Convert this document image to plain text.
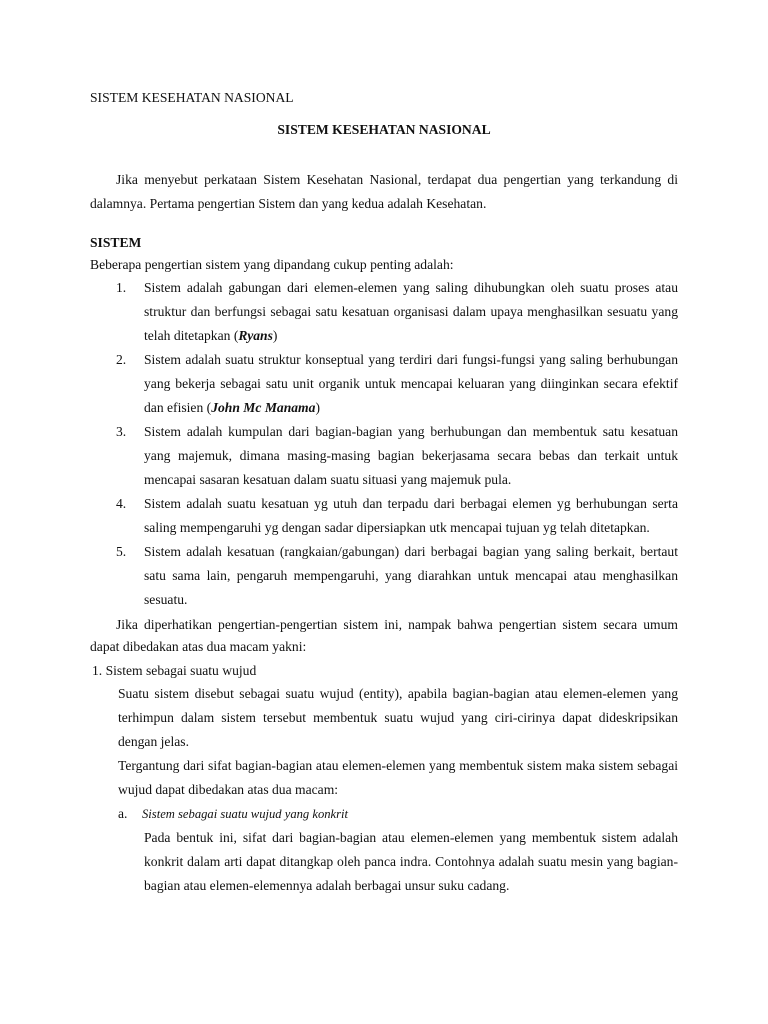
SISTEM KESEHATAN NASIONAL
SISTEM KESEHATAN NASIONAL

Jika menyebut perkataan Sistem Kesehatan Nasional, terdapat dua pengertian yang terkandung di dalamnya. Pertama pengertian Sistem dan yang kedua adalah Kesehatan.

SISTEM

Beberapa pengertian sistem yang dipandang cukup penting adalah:

1. Sistem adalah gabungan dari elemen-elemen yang saling dihubungkan oleh suatu proses atau struktur dan berfungsi sebagai satu kesatuan organisasi dalam upaya menghasilkan sesuatu yang telah ditetapkan (Ryans)
2. Sistem adalah suatu struktur konseptual yang terdiri dari fungsi-fungsi yang saling berhubungan yang bekerja sebagai satu unit organik untuk mencapai keluaran yang diinginkan secara efektif dan efisien (John Mc Manama)
3. Sistem adalah kumpulan dari bagian-bagian yang berhubungan dan membentuk satu kesatuan yang majemuk, dimana masing-masing bagian bekerjasama secara bebas dan terkait untuk mencapai sasaran kesatuan dalam suatu situasi yang majemuk pula.
4. Sistem adalah suatu kesatuan yg utuh dan terpadu dari berbagai elemen yg berhubungan serta saling mempengaruhi yg dengan sadar dipersiapkan utk mencapai tujuan yg telah ditetapkan.
5. Sistem adalah kesatuan (rangkaian/gabungan) dari berbagai bagian yang saling berkait, bertaut satu sama lain, pengaruh mempengaruhi, yang diarahkan untuk mencapai atau menghasilkan sesuatu.

Jika diperhatikan pengertian-pengertian sistem ini, nampak bahwa pengertian sistem secara umum dapat dibedakan atas dua macam yakni:

1. Sistem sebagai suatu wujud

Suatu sistem disebut sebagai suatu wujud (entity), apabila bagian-bagian atau elemen-elemen yang terhimpun dalam sistem tersebut membentuk suatu wujud yang ciri-cirinya dapat dideskripsikan dengan jelas.

Tergantung dari sifat bagian-bagian atau elemen-elemen yang membentuk sistem maka sistem sebagai wujud dapat dibedakan atas dua macam:

a. Sistem sebagai suatu wujud yang konkrit

Pada bentuk ini, sifat dari bagian-bagian atau elemen-elemen yang membentuk sistem adalah konkrit dalam arti dapat ditangkap oleh panca indra. Contohnya adalah suatu mesin yang bagian-bagian atau elemen-elemennya adalah berbagai unsur suku cadang.
